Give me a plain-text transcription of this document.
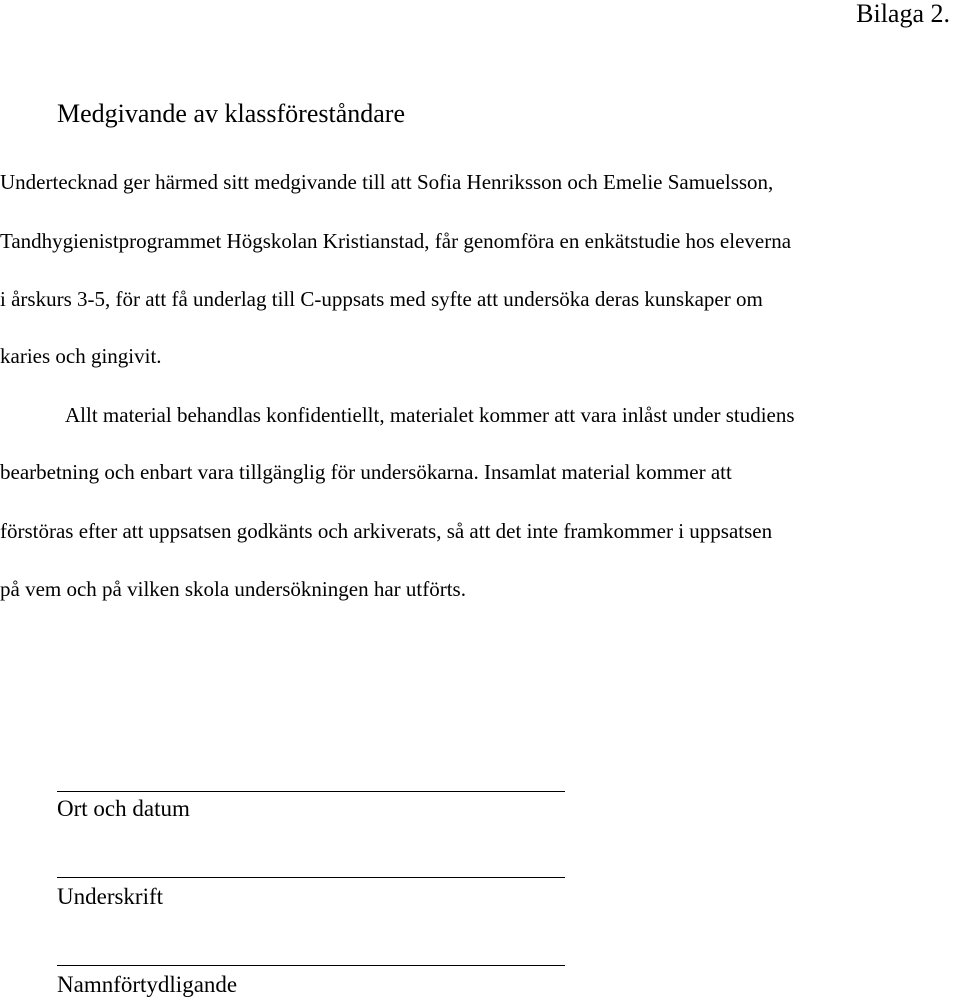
Bilaga 2.
Medgivande av klassföreståndare
Undertecknad ger härmed sitt medgivande till att Sofia Henriksson och Emelie Samuelsson,
Tandhygienistprogrammet Högskolan Kristianstad, får genomföra en enkätstudie hos eleverna
i årskurs 3-5, för att få underlag till C-uppsats med syfte att undersöka deras kunskaper om
karies och gingivit.
Allt material behandlas konfidentiellt, materialet kommer att vara inlåst under studiens
bearbetning och enbart vara tillgänglig för undersökarna. Insamlat material kommer att
förstöras efter att uppsatsen godkänts och arkiverats, så att det inte framkommer i uppsatsen
på vem och på vilken skola undersökningen har utförts.
Ort och datum
Underskrift
Namnförtydligande
